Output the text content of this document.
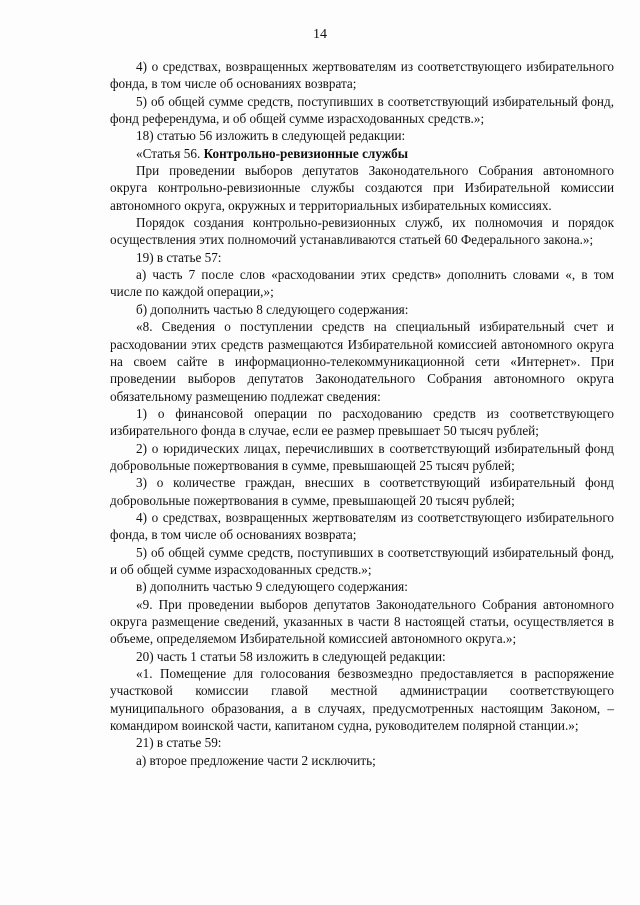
14

4) о средствах, возвращенных жертвователям из соответствующего избирательного фонда, в том числе об основаниях возврата;

5) об общей сумме средств, поступивших в соответствующий избирательный фонд, фонд референдума, и об общей сумме израсходованных средств.»;

18) статью 56 изложить в следующей редакции:

«Статья 56. Контрольно-ревизионные службы

При проведении выборов депутатов Законодательного Собрания автономного округа контрольно-ревизионные службы создаются при Избирательной комиссии автономного округа, окружных и территориальных избирательных комиссиях.

Порядок создания контрольно-ревизионных служб, их полномочия и порядок осуществления этих полномочий устанавливаются статьей 60 Федерального закона.»;

19) в статье 57:

а) часть 7 после слов «расходовании этих средств» дополнить словами «, в том числе по каждой операции,»;

б) дополнить частью 8 следующего содержания:

«8. Сведения о поступлении средств на специальный избирательный счет и расходовании этих средств размещаются Избирательной комиссией автономного округа на своем сайте в информационно-телекоммуникационной сети «Интернет». При проведении выборов депутатов Законодательного Собрания автономного округа обязательному размещению подлежат сведения:

1) о финансовой операции по расходованию средств из соответствующего избирательного фонда в случае, если ее размер превышает 50 тысяч рублей;

2) о юридических лицах, перечисливших в соответствующий избирательный фонд добровольные пожертвования в сумме, превышающей 25 тысяч рублей;

3) о количестве граждан, внесших в соответствующий избирательный фонд добровольные пожертвования в сумме, превышающей 20 тысяч рублей;

4) о средствах, возвращенных жертвователям из соответствующего избирательного фонда, в том числе об основаниях возврата;

5) об общей сумме средств, поступивших в соответствующий избирательный фонд, и об общей сумме израсходованных средств.»;

в) дополнить частью 9 следующего содержания:

«9. При проведении выборов депутатов Законодательного Собрания автономного округа размещение сведений, указанных в части 8 настоящей статьи, осуществляется в объеме, определяемом Избирательной комиссией автономного округа.»;

20) часть 1 статьи 58 изложить в следующей редакции:

«1. Помещение для голосования безвозмездно предоставляется в распоряжение участковой комиссии главой местной администрации соответствующего муниципального образования, а в случаях, предусмотренных настоящим Законом, – командиром воинской части, капитаном судна, руководителем полярной станции.»;

21) в статье 59:

а) второе предложение части 2 исключить;
